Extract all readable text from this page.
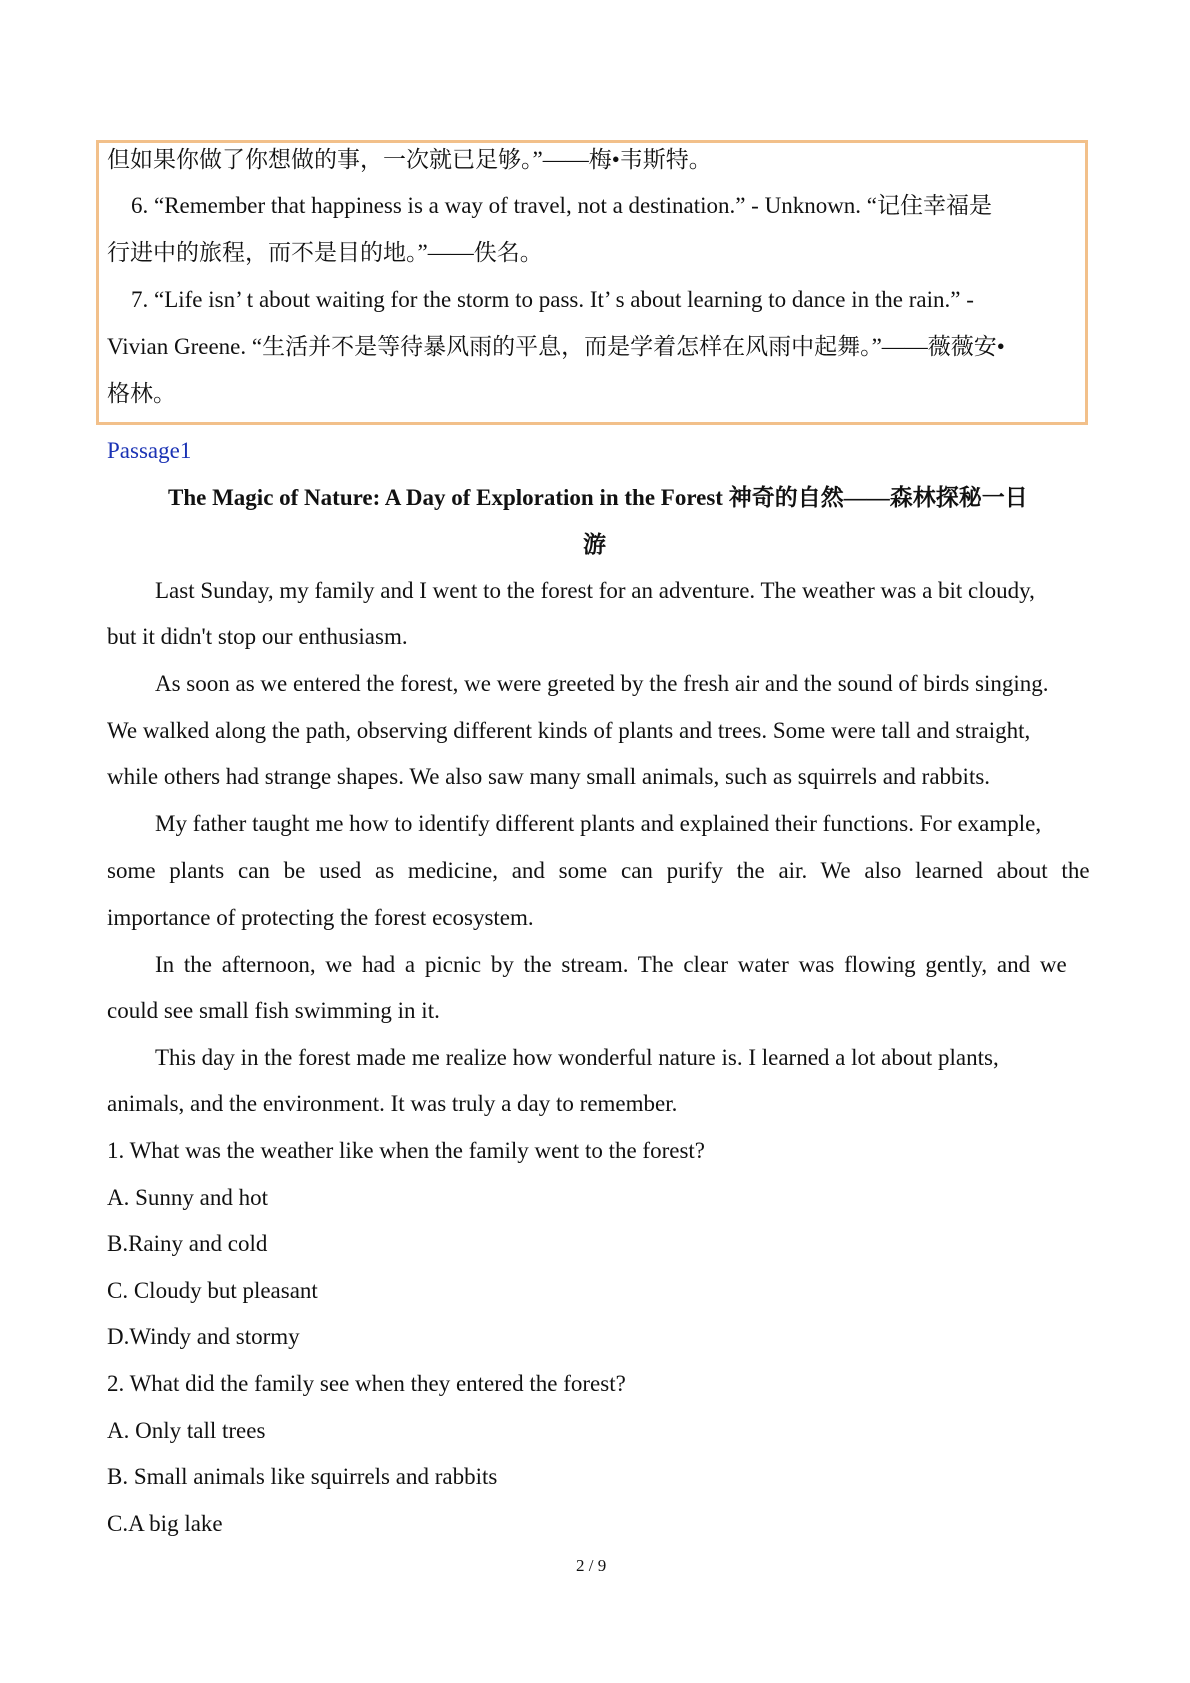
但如果你做了你想做的事，一次就已足够。”——梅•韦斯特。
6. “Remember that happiness is a way of travel, not a destination.” - Unknown. “记住幸福是
行进中的旅程，而不是目的地。”——佚名。
7. “Life isn’ t about waiting for the storm to pass. It’ s about learning to dance in the rain.” -
Vivian Greene. “生活并不是等待暴风雨的平息，而是学着怎样在风雨中起舞。”——薇薇安•
格林。
Passage1
The Magic of Nature: A Day of Exploration in the Forest 神奇的自然——森林探秘一日
游
Last Sunday, my family and I went to the forest for an adventure. The weather was a bit cloudy,
but it didn't stop our enthusiasm.
As soon as we entered the forest, we were greeted by the fresh air and the sound of birds singing.
We walked along the path, observing different kinds of plants and trees. Some were tall and straight,
while others had strange shapes. We also saw many small animals, such as squirrels and rabbits.
My father taught me how to identify different plants and explained their functions. For example,
some plants can be used as medicine, and some can purify the air. We also learned about the
importance of protecting the forest ecosystem.
In the afternoon, we had a picnic by the stream. The clear water was flowing gently, and we
could see small fish swimming in it.
This day in the forest made me realize how wonderful nature is. I learned a lot about plants,
animals, and the environment. It was truly a day to remember.
1. What was the weather like when the family went to the forest?
A. Sunny and hot
B.Rainy and cold
C. Cloudy but pleasant
D.Windy and stormy
2. What did the family see when they entered the forest?
A. Only tall trees
B. Small animals like squirrels and rabbits
C.A big lake
2 / 9
